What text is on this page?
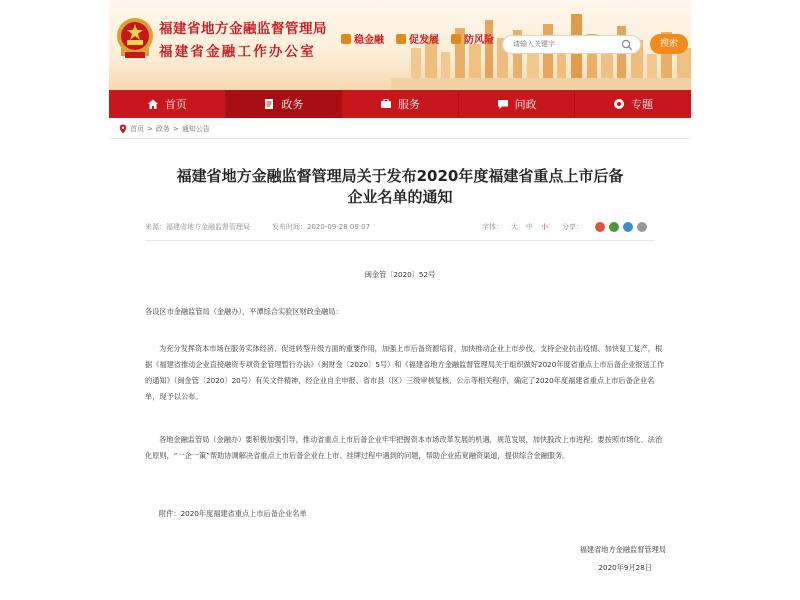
福建省地方金融监督管理局
福建省金融工作办公室
稳金融	促发展	防风险
请输入关键字	搜索
首页	政务	服务	问政	专题
首页 > 政务 > 通知公告
福建省地方金融监督管理局关于发布2020年度福建省重点上市后备
企业名单的通知
来源：福建省地方金融监督管理局	发布时间：2020-09-28 09:07	字体： 大 中 小 分享：
闽金管〔2020〕52号
各设区市金融监管局（金融办），平潭综合实验区财政金融局：
为充分发挥资本市场在服务实体经济、促进转型升级方面的重要作用，加强上市后备资源培育，加快推动企业上市步伐，支持企业抗击疫情、加快复工复产，根据《福建省推动企业直接融资专项资金管理暂行办法》（闽财金〔2020〕5号）和《福建省地方金融监督管理局关于组织做好2020年度省重点上市后备企业报送工作的通知》（闽金管〔2020〕20号）有关文件精神，经企业自主申报、省市县（区）三级审核复核、公示等相关程序，确定了2020年度福建省重点上市后备企业名单，现予以公布。
各地金融监管局（金融办）要积极加强引导，推动省重点上市后备企业牢牢把握资本市场改革发展的机遇，规范发展，加快股改上市进程；要按照市场化、法治化原则，“一企一策”帮助协调解决省重点上市后备企业在上市、挂牌过程中遇到的问题，帮助企业拓宽融资渠道，提供综合金融服务。
附件：2020年度福建省重点上市后备企业名单
福建省地方金融监督管理局
2020年9月28日
